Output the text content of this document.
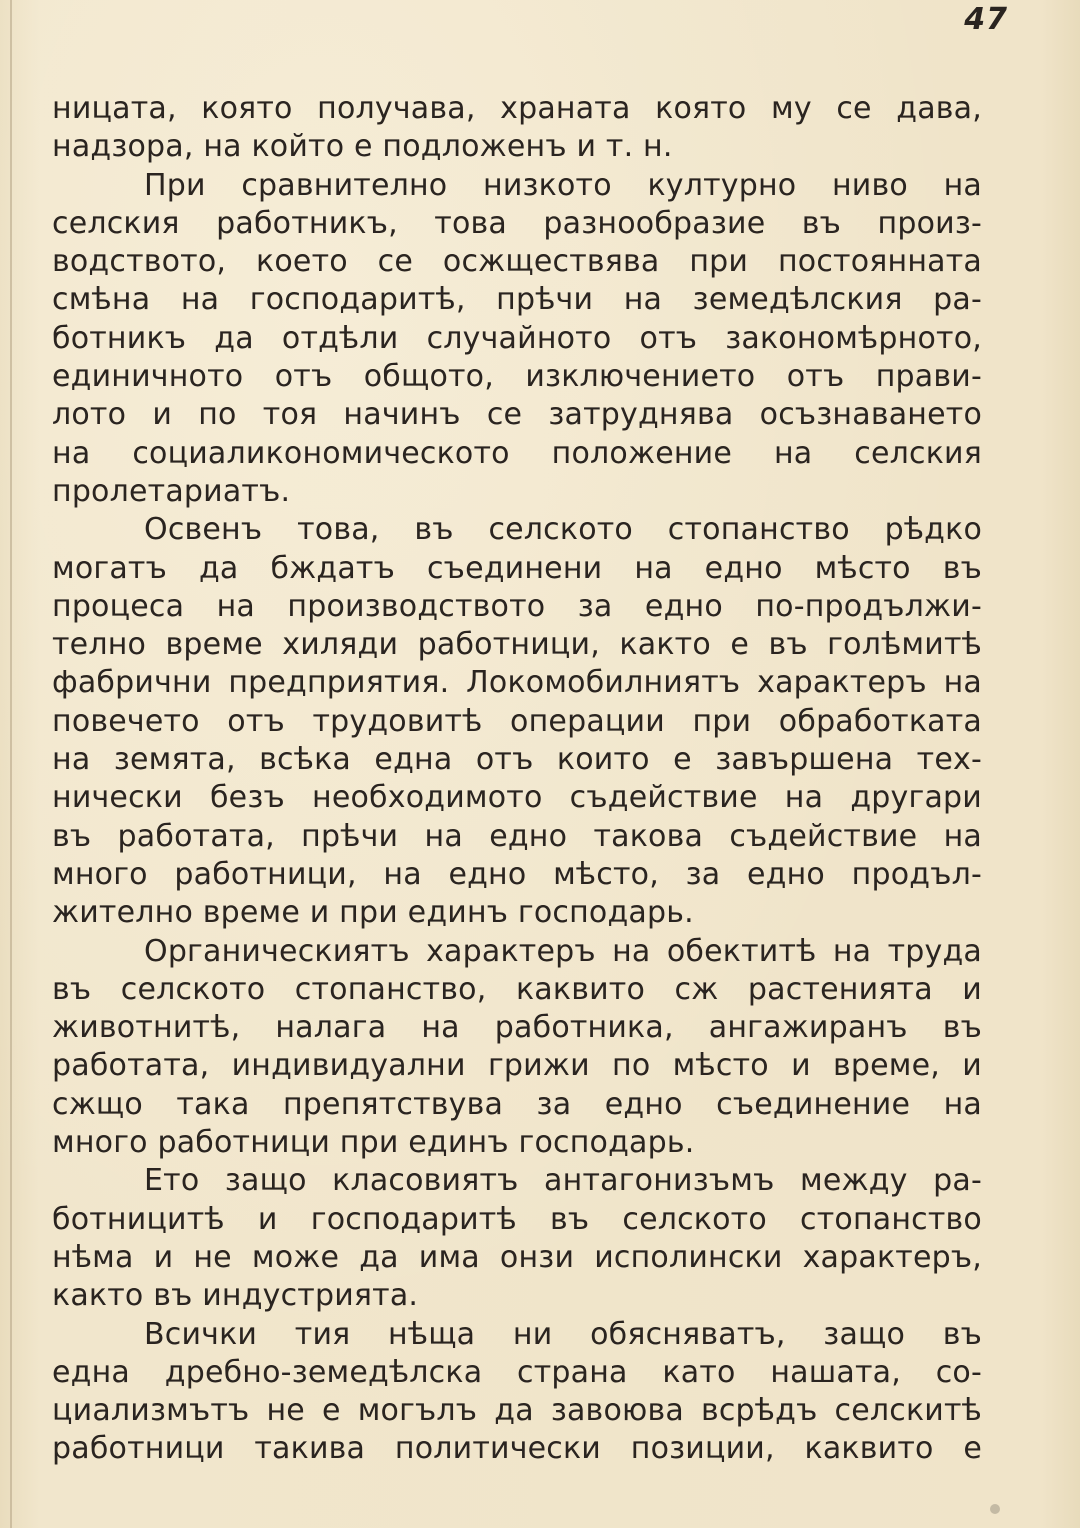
47
ницата, която получава, храната която му се дава,
надзора, на който е подложенъ и т. н.
При сравнително низкото културно ниво на
селския работникъ, това разнообразие въ произ-
водството, което се осжществява при постоянната
смѣна на господаритѣ, прѣчи на земедѣлския ра-
ботникъ да отдѣли случайното отъ закономѣрното,
единичното отъ общото, изключението отъ прави-
лото и по тоя начинъ се затруднява осъзнаването
на социаликономическото положение на селския
пролетариатъ.
Освенъ това, въ селското стопанство рѣдко
могатъ да бждатъ съединени на едно мѣсто въ
процеса на производството за едно по-продължи-
телно време хиляди работници, както е въ голѣмитѣ
фабрични предприятия. Локомобилниятъ характеръ на
повечето отъ трудовитѣ операции при обработката
на земята, всѣка една отъ които е завършена тех-
нически безъ необходимото съдействие на другари
въ работата, прѣчи на едно такова съдействие на
много работници, на едно мѣсто, за едно продъл-
жително време и при единъ господарь.
Органическиятъ характеръ на обектитѣ на труда
въ селското стопанство, каквито сж растенията и
животнитѣ, налага на работника, ангажиранъ въ
работата, индивидуални грижи по мѣсто и време, и
сжщо така препятствува за едно съединение на
много работници при единъ господарь.
Ето защо класовиятъ антагонизъмъ между ра-
ботницитѣ и господаритѣ въ селското стопанство
нѣма и не може да има онзи исполински характеръ,
както въ индустрията.
Всички тия нѣща ни обясняватъ, защо въ
една дребно-земедѣлска страна като нашата, со-
циализмътъ не е могълъ да завоюва всрѣдъ селскитѣ
работници такива политически позиции, каквито е
